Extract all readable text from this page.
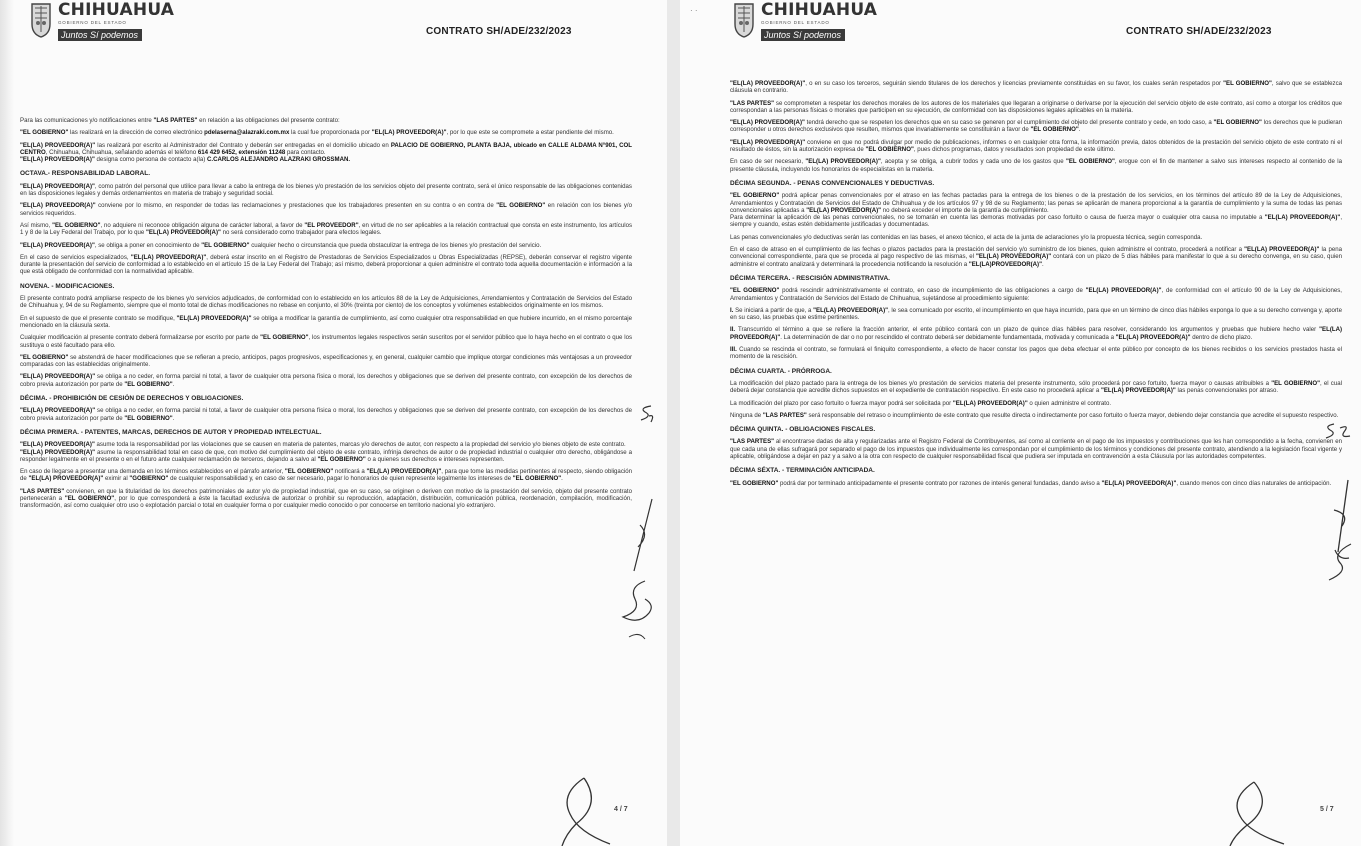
CHIHUAHUA
GOBIERNO DEL ESTADO
Juntos Sí podemos	CONTRATO SH/ADE/232/2023

Para las comunicaciones y/o notificaciones entre "LAS PARTES" en relación a las obligaciones del presente contrato:

"EL GOBIERNO" las realizará en la dirección de correo electrónico pdelaserna@alazraki.com.mx la cual fue proporcionada por "EL(LA) PROVEEDOR(A)", por lo que este se compromete a estar pendiente del mismo.

"EL(LA) PROVEEDOR(A)" las realizará por escrito al Administrador del Contrato y deberán ser entregadas en el domicilio ubicado en PALACIO DE GOBIERNO, PLANTA BAJA, ubicado en CALLE ALDAMA N°901, COL CENTRO, Chihuahua, Chihuahua, señalando además el teléfono 614 429 6452, extensión 11248 para contacto.
"EL(LA) PROVEEDOR(A)" designa como persona de contacto a(la) C.CARLOS ALEJANDRO ALAZRAKI GROSSMAN.

OCTAVA.- RESPONSABILIDAD LABORAL.

"EL(LA) PROVEEDOR(A)", como patrón del personal que utilice para llevar a cabo la entrega de los bienes y/o prestación de los servicios objeto del presente contrato, será el único responsable de las obligaciones contenidas en las disposiciones legales y demás ordenamientos en materia de trabajo y seguridad social.

"EL(LA) PROVEEDOR(A)" conviene por lo mismo, en responder de todas las reclamaciones y prestaciones que los trabajadores presenten en su contra o en contra de "EL GOBIERNO" en relación con los bienes y/o servicios requeridos.

Así mismo, "EL GOBIERNO", no adquiere ni reconoce obligación alguna de carácter laboral, a favor de "EL PROVEEDOR", en virtud de no ser aplicables a la relación contractual que consta en este instrumento, los artículos 1 y 8 de la Ley Federal del Trabajo, por lo que "EL(LA) PROVEEDOR(A)" no será considerado como trabajador para efectos legales.

"EL(LA) PROVEEDOR(A)", se obliga a poner en conocimiento de "EL GOBIERNO" cualquier hecho o circunstancia que pueda obstaculizar la entrega de los bienes y/o prestación del servicio.

En el caso de servicios especializados, "EL(LA) PROVEEDOR(A)", deberá estar inscrito en el Registro de Prestadoras de Servicios Especializados u Obras Especializadas (REPSE), deberán conservar el registro vigente durante la presentación del servicio de conformidad a lo establecido en el artículo 15 de la Ley Federal del Trabajo; así mismo, deberá proporcionar a quien administre el contrato toda aquella documentación e información a la que está obligado de conformidad con la normatividad aplicable.

NOVENA. - MODIFICACIONES.

El presente contrato podrá ampliarse respecto de los bienes y/o servicios adjudicados, de conformidad con lo establecido en los artículos 88 de la Ley de Adquisiciones, Arrendamientos y Contratación de Servicios del Estado de Chihuahua y, 94 de su Reglamento, siempre que el monto total de dichas modificaciones no rebase en conjunto, el 30% (treinta por ciento) de los conceptos y volúmenes establecidos originalmente en los mismos.

En el supuesto de que el presente contrato se modifique, "EL(LA) PROVEEDOR(A)" se obliga a modificar la garantía de cumplimiento, así como cualquier otra responsabilidad en que hubiere incurrido, en el mismo porcentaje mencionado en la cláusula sexta.

Cualquier modificación al presente contrato deberá formalizarse por escrito por parte de "EL GOBIERNO", los instrumentos legales respectivos serán suscritos por el servidor público que lo haya hecho en el contrato o que los sustituya o esté facultado para ello.

"EL GOBIERNO" se abstendrá de hacer modificaciones que se refieran a precio, anticipos, pagos progresivos, especificaciones y, en general, cualquier cambio que implique otorgar condiciones más ventajosas a un proveedor comparadas con las establecidas originalmente.

"EL(LA) PROVEEDOR(A)" se obliga a no ceder, en forma parcial ni total, a favor de cualquier otra persona física o moral, los derechos y obligaciones que se deriven del presente contrato, con excepción de los derechos de cobro previa autorización por parte de "EL GOBIERNO".

DÉCIMA. - PROHIBICIÓN DE CESIÓN DE DERECHOS Y OBLIGACIONES.

"EL(LA) PROVEEDOR(A)" se obliga a no ceder, en forma parcial ni total, a favor de cualquier otra persona física o moral, los derechos y obligaciones que se deriven del presente contrato, con excepción de los derechos de cobro previa autorización por parte de "EL GOBIERNO".

DÉCIMA PRIMERA. - PATENTES, MARCAS, DERECHOS DE AUTOR Y PROPIEDAD INTELECTUAL.

"EL(LA) PROVEEDOR(A)" asume toda la responsabilidad por las violaciones que se causen en materia de patentes, marcas y/o derechos de autor, con respecto a la propiedad del servicio y/o bienes objeto de este contrato.
"EL(LA) PROVEEDOR(A)" asume la responsabilidad total en caso de que, con motivo del cumplimiento del objeto de este contrato, infrinja derechos de autor o de propiedad industrial o cualquier otro derecho, obligándose a responder legalmente en el presente o en el futuro ante cualquier reclamación de terceros, dejando a salvo al "EL GOBIERNO" o a quienes sus derechos e intereses representen.

En caso de llegarse a presentar una demanda en los términos establecidos en el párrafo anterior, "EL GOBIERNO" notificará a "EL(LA) PROVEEDOR(A)", para que tome las medidas pertinentes al respecto, siendo obligación de "EL(LA) PROVEEDOR(A)" eximir al "GOBIERNO" de cualquier responsabilidad y, en caso de ser necesario, pagar lo honorarios de quien represente legalmente los intereses de "EL GOBIERNO".

"LAS PARTES" convienen, en que la titularidad de los derechos patrimoniales de autor y/o de propiedad industrial, que en su caso, se originen o deriven con motivo de la prestación del servicio, objeto del presente contrato pertenecerán a "EL GOBIERNO", por lo que corresponderá a éste la facultad exclusiva de autorizar o prohibir su reproducción, adaptación, distribución, comunicación pública, reordenación, compilación, modificación, transformación, así como cualquier otro uso o explotación parcial o total en cualquier forma o por cualquier medio conocido o por conocerse en territorio nacional y/o extranjero.

4 / 7
CHIHUAHUA
GOBIERNO DEL ESTADO
Juntos Sí podemos	CONTRATO SH/ADE/232/2023

"EL(LA) PROVEEDOR(A)", o en su caso los terceros, seguirán siendo titulares de los derechos y licencias previamente constituidas en su favor, los cuales serán respetados por "EL GOBIERNO", salvo que se establezca cláusula en contrario.

"LAS PARTES" se comprometen a respetar los derechos morales de los autores de los materiales que llegaran a originarse o derivarse por la ejecución del servicio objeto de este contrato, así como a otorgar los créditos que correspondan a las personas físicas o morales que participen en su ejecución, de conformidad con las disposiciones legales aplicables en la materia.

"EL(LA) PROVEEDOR(A)" tendrá derecho que se respeten los derechos que en su caso se generen por el cumplimiento del objeto del presente contrato y cede, en todo caso, a "EL GOBIERNO" los derechos que le pudieran corresponder u otros derechos exclusivos que resulten, mismos que invariablemente se constituirán a favor de "EL GOBIERNO".

"EL(LA) PROVEEDOR(A)" conviene en que no podrá divulgar por medio de publicaciones, informes o en cualquier otra forma, la información previa, datos obtenidos de la prestación del servicio objeto de este contrato ni el resultado de éstos, sin la autorización expresa de "EL GOBIERNO", pues dichos programas, datos y resultados son propiedad de este último.

En caso de ser necesario, "EL(LA) PROVEEDOR(A)", acepta y se obliga, a cubrir todos y cada uno de los gastos que "EL GOBIERNO", erogue con el fin de mantener a salvo sus intereses respecto al contenido de la presente cláusula, incluyendo los honorarios de especialistas en la materia.

DÉCIMA SEGUNDA. - PENAS CONVENCIONALES Y DEDUCTIVAS.

"EL GOBIERNO" podrá aplicar penas convencionales por el atraso en las fechas pactadas para la entrega de los bienes o de la prestación de los servicios, en los términos del artículo 89 de la Ley de Adquisiciones, Arrendamientos y Contratación de Servicios del Estado de Chihuahua y de los artículos 97 y 98 de su Reglamento; las penas se aplicarán de manera proporcional a la garantía de cumplimiento y la suma de todas las penas convencionales aplicadas a "EL(LA) PROVEEDOR(A)" no deberá exceder el importe de la garantía de cumplimiento.
Para determinar la aplicación de las penas convencionales, no se tomarán en cuenta las demoras motivadas por caso fortuito o causa de fuerza mayor o cualquier otra causa no imputable a "EL(LA) PROVEEDOR(A)", siempre y cuando, estas estén debidamente justificadas y documentadas.

Las penas convencionales y/o deductivas serán las contenidas en las bases, el anexo técnico, el acta de la junta de aclaraciones y/o la propuesta técnica, según corresponda.

En el caso de atraso en el cumplimiento de las fechas o plazos pactados para la prestación del servicio y/o suministro de los bienes, quien administre el contrato, procederá a notificar a "EL(LA) PROVEEDOR(A)" la pena convencional correspondiente, para que se proceda al pago respectivo de las mismas, el "EL(LA) PROVEEDOR(A)" contará con un plazo de 5 días hábiles para manifestar lo que a su derecho convenga, en su caso, quien administre el contrato analizará y determinará la procedencia notificando la resolución a "EL(LA)PROVEEDOR(A)".

DÉCIMA TERCERA. - RESCISIÓN ADMINISTRATIVA.

"EL GOBIERNO" podrá rescindir administrativamente el contrato, en caso de incumplimiento de las obligaciones a cargo de "EL(LA) PROVEEDOR(A)", de conformidad con el artículo 90 de la Ley de Adquisiciones, Arrendamientos y Contratación de Servicios del Estado de Chihuahua, sujetándose al procedimiento siguiente:

I. Se iniciará a partir de que, a "EL(LA) PROVEEDOR(A)", le sea comunicado por escrito, el incumplimiento en que haya incurrido, para que en un término de cinco días hábiles exponga lo que a su derecho convenga y, aporte en su caso, las pruebas que estime pertinentes.

II. Transcurrido el término a que se refiere la fracción anterior, el ente público contará con un plazo de quince días hábiles para resolver, considerando los argumentos y pruebas que hubiere hecho valer "EL(LA) PROVEEDOR(A)". La determinación de dar o no por rescindido el contrato deberá ser debidamente fundamentada, motivada y comunicada a "EL(LA) PROVEEDOR(A)" dentro de dicho plazo.

III. Cuando se rescinda el contrato, se formulará el finiquito correspondiente, a efecto de hacer constar los pagos que deba efectuar el ente público por concepto de los bienes recibidos o los servicios prestados hasta el momento de la rescisión.

DÉCIMA CUARTA. - PRÓRROGA.

La modificación del plazo pactado para la entrega de los bienes y/o prestación de servicios materia del presente instrumento, sólo procederá por caso fortuito, fuerza mayor o causas atribuibles a "EL GOBIERNO", el cual deberá dejar constancia que acredite dichos supuestos en el expediente de contratación respectivo. En este caso no procederá aplicar a "EL(LA) PROVEEDOR(A)" las penas convencionales por atraso.

La modificación del plazo por caso fortuito o fuerza mayor podrá ser solicitada por "EL(LA) PROVEEDOR(A)" o quien administre el contrato.

Ninguna de "LAS PARTES" será responsable del retraso o incumplimiento de este contrato que resulte directa o indirectamente por caso fortuito o fuerza mayor, debiendo dejar constancia que acredite el supuesto respectivo.

DÉCIMA QUINTA. - OBLIGACIONES FISCALES.

"LAS PARTES" al encontrarse dadas de alta y regularizadas ante el Registro Federal de Contribuyentes, así como al corriente en el pago de los impuestos y contribuciones que les han correspondido a la fecha, convienen en que cada una de ellas sufragará por separado el pago de los impuestos que individualmente les correspondan por el cumplimiento de los términos y condiciones del presente contrato, atendiendo a la legislación fiscal vigente y aplicable, obligándose a dejar en paz y a salvo a la otra con respecto de cualquier responsabilidad fiscal que pudiera ser imputada en contravención a esta Cláusula por las autoridades competentes.

DÉCIMA SÉXTA. - TERMINACIÓN ANTICIPADA.

"EL GOBIERNO" podrá dar por terminado anticipadamente el presente contrato por razones de interés general fundadas, dando aviso a "EL(LA) PROVEEDOR(A)", cuando menos con cinco días naturales de anticipación.

5 / 7
· ·
